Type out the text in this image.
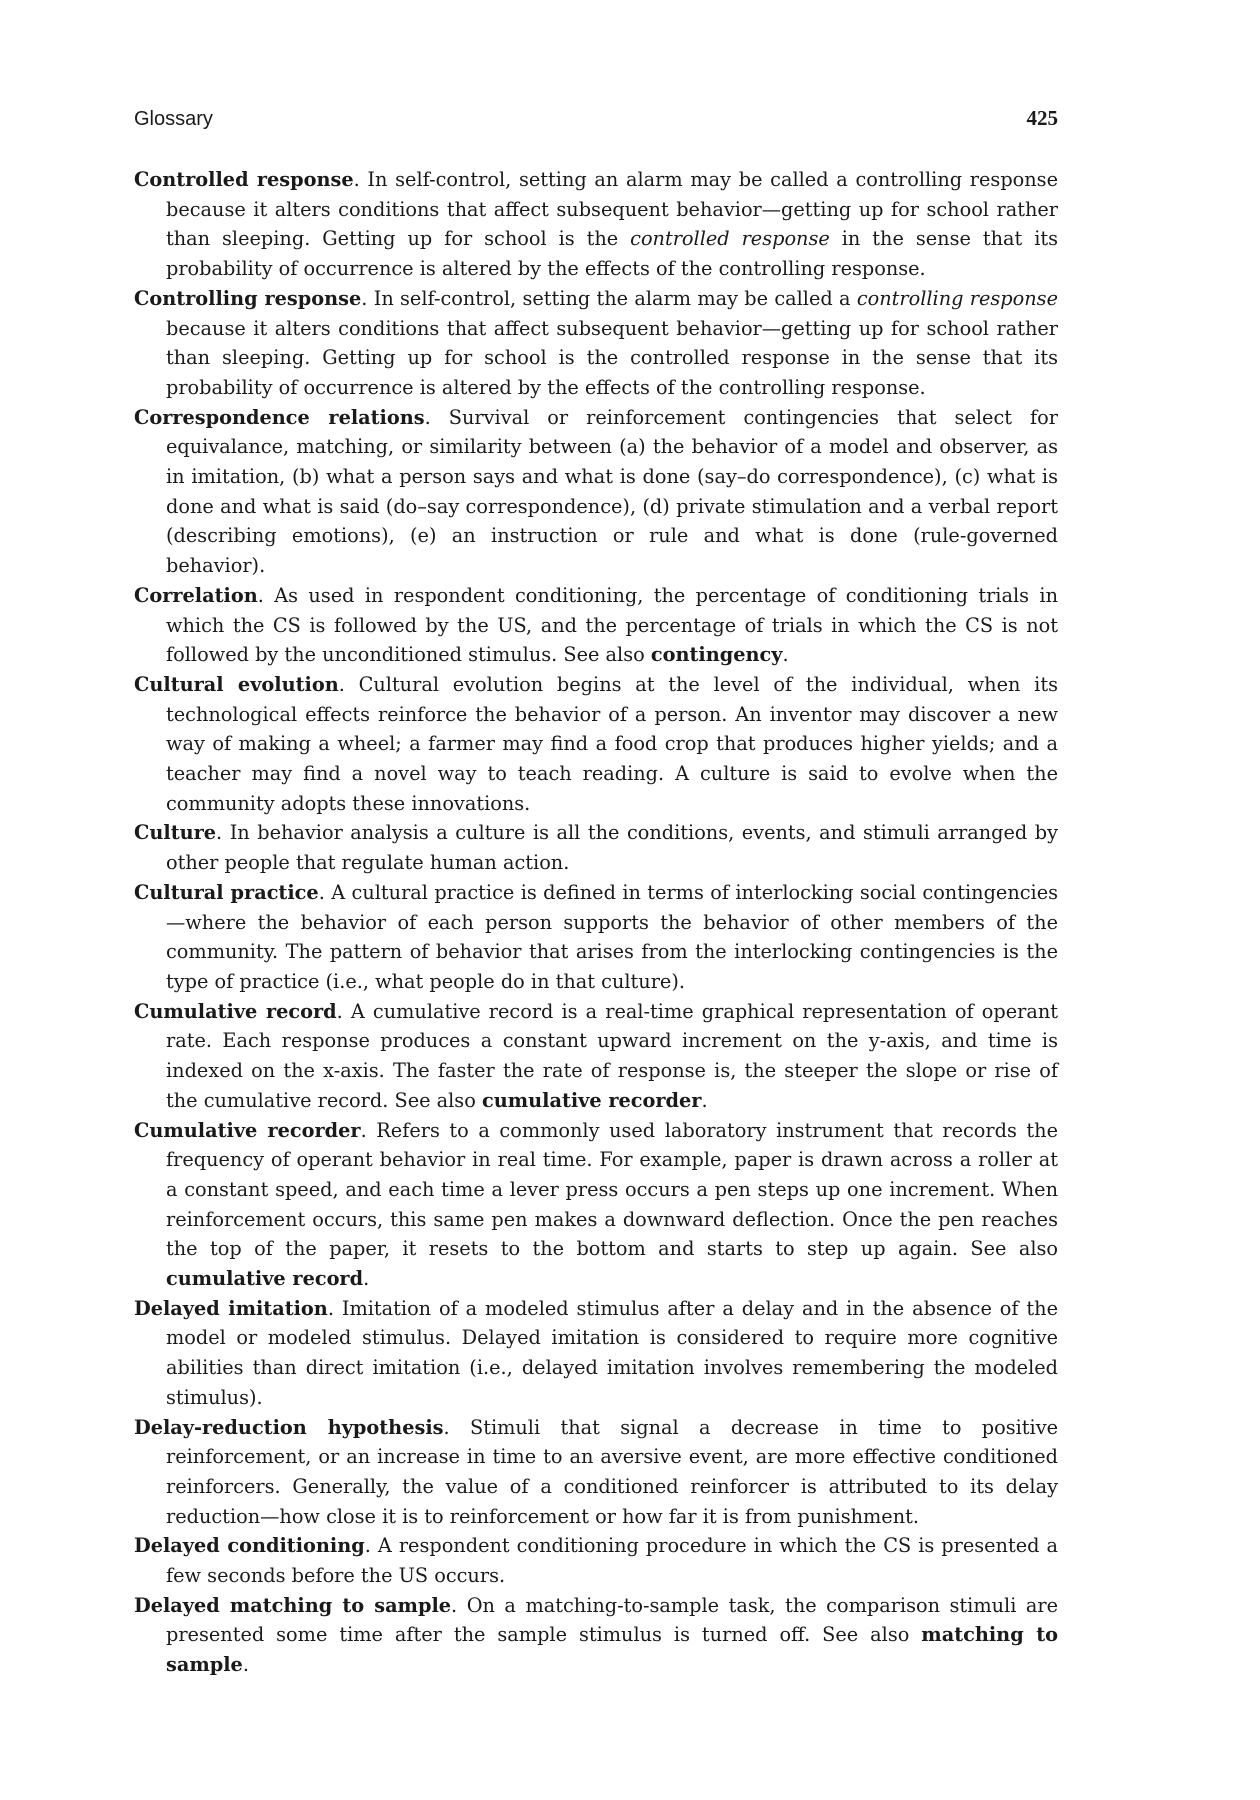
Glossary	425

Controlled response. In self-control, setting an alarm may be called a controlling response because it alters conditions that affect subsequent behavior—getting up for school rather than sleeping. Getting up for school is the controlled response in the sense that its probability of occurrence is altered by the effects of the controlling response.

Controlling response. In self-control, setting the alarm may be called a controlling response because it alters conditions that affect subsequent behavior—getting up for school rather than sleeping. Getting up for school is the controlled response in the sense that its probability of occurrence is altered by the effects of the controlling response.

Correspondence relations. Survival or reinforcement contingencies that select for equivalance, matching, or similarity between (a) the behavior of a model and observer, as in imitation, (b) what a person says and what is done (say–do correspondence), (c) what is done and what is said (do–say correspondence), (d) private stimulation and a verbal report (describing emotions), (e) an instruction or rule and what is done (rule-governed behavior).

Correlation. As used in respondent conditioning, the percentage of conditioning trials in which the CS is followed by the US, and the percentage of trials in which the CS is not followed by the unconditioned stimulus. See also contingency.

Cultural evolution. Cultural evolution begins at the level of the individual, when its technological effects reinforce the behavior of a person. An inventor may discover a new way of making a wheel; a farmer may find a food crop that produces higher yields; and a teacher may find a novel way to teach reading. A culture is said to evolve when the community adopts these innovations.

Culture. In behavior analysis a culture is all the conditions, events, and stimuli arranged by other people that regulate human action.

Cultural practice. A cultural practice is defined in terms of interlocking social contingencies—where the behavior of each person supports the behavior of other members of the community. The pattern of behavior that arises from the interlocking contingencies is the type of practice (i.e., what people do in that culture).

Cumulative record. A cumulative record is a real-time graphical representation of operant rate. Each response produces a constant upward increment on the y-axis, and time is indexed on the x-axis. The faster the rate of response is, the steeper the slope or rise of the cumulative record. See also cumulative recorder.

Cumulative recorder. Refers to a commonly used laboratory instrument that records the frequency of operant behavior in real time. For example, paper is drawn across a roller at a constant speed, and each time a lever press occurs a pen steps up one increment. When reinforcement occurs, this same pen makes a downward deflection. Once the pen reaches the top of the paper, it resets to the bottom and starts to step up again. See also cumulative record.

Delayed imitation. Imitation of a modeled stimulus after a delay and in the absence of the model or modeled stimulus. Delayed imitation is considered to require more cognitive abilities than direct imitation (i.e., delayed imitation involves remembering the modeled stimulus).

Delay-reduction hypothesis. Stimuli that signal a decrease in time to positive reinforcement, or an increase in time to an aversive event, are more effective conditioned reinforcers. Generally, the value of a conditioned reinforcer is attributed to its delay reduction—how close it is to reinforcement or how far it is from punishment.

Delayed conditioning. A respondent conditioning procedure in which the CS is presented a few seconds before the US occurs.

Delayed matching to sample. On a matching-to-sample task, the comparison stimuli are presented some time after the sample stimulus is turned off. See also matching to sample.
